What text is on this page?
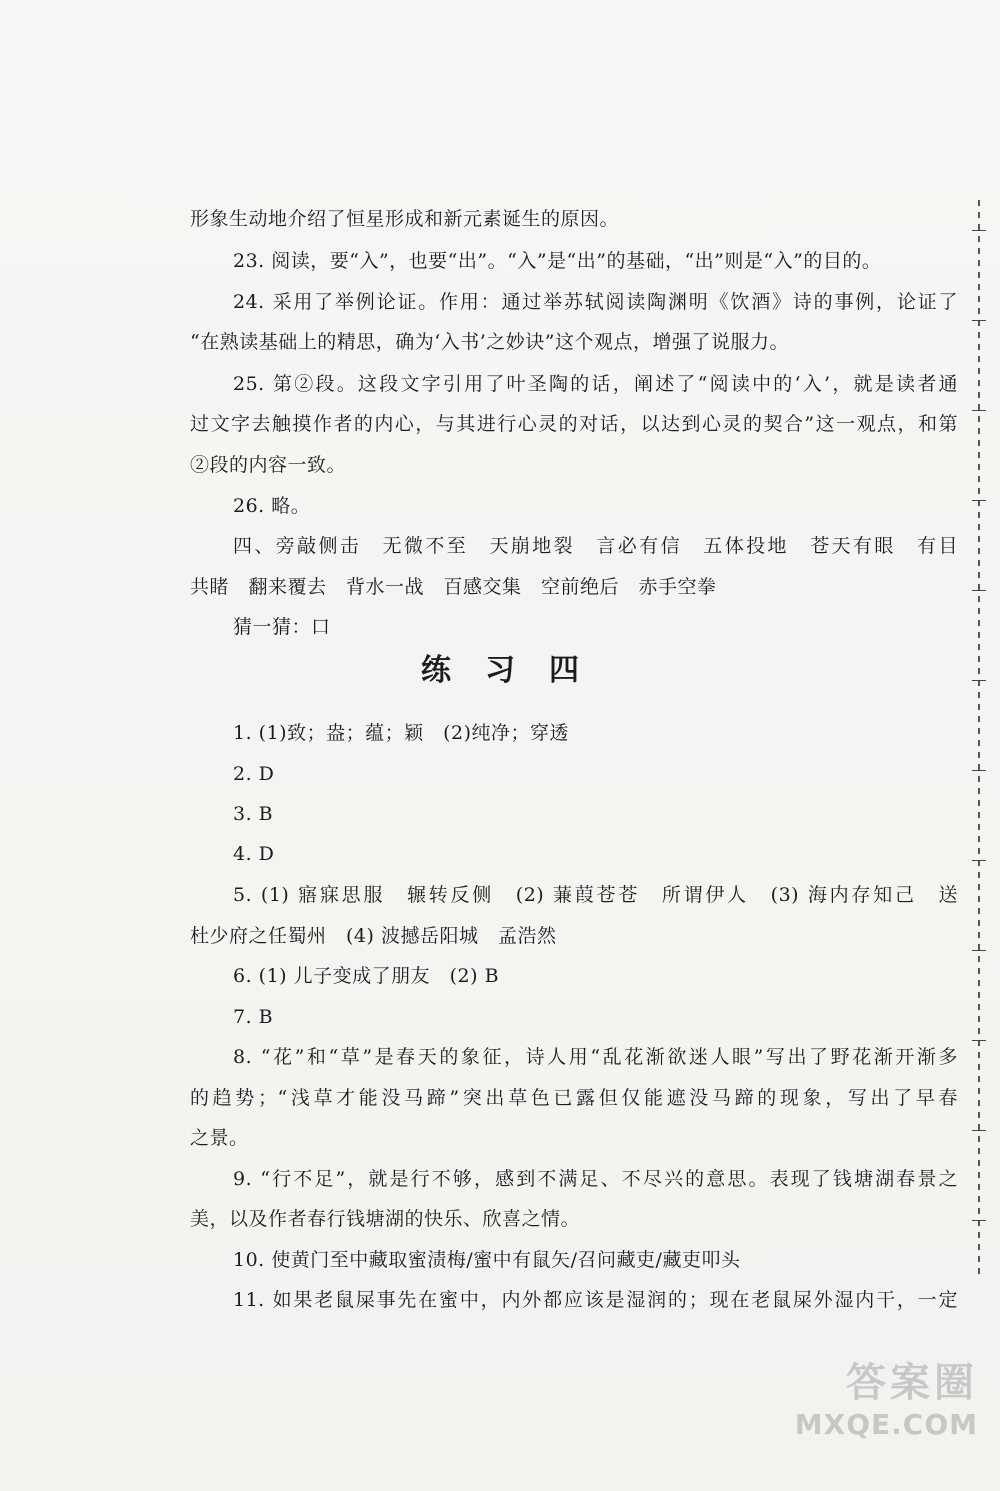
形象生动地介绍了恒星形成和新元素诞生的原因。
23. 阅读，要“入”，也要“出”。“入”是“出”的基础，“出”则是“入”的目的。
24. 采用了举例论证。作用：通过举苏轼阅读陶渊明《饮酒》诗的事例，论证了
“在熟读基础上的精思，确为‘入书’之妙诀”这个观点，增强了说服力。
25. 第②段。这段文字引用了叶圣陶的话，阐述了“阅读中的‘入’，就是读者通
过文字去触摸作者的内心，与其进行心灵的对话，以达到心灵的契合”这一观点，和第
②段的内容一致。
26. 略。
四、旁敲侧击　无微不至　天崩地裂　言必有信　五体投地　苍天有眼　有目
共睹　翻来覆去　背水一战　百感交集　空前绝后　赤手空拳
猜一猜：口
练习四
1. (1)致；盎；蕴；颖　(2)纯净；穿透
2. D
3. B
4. D
5. (1) 寤寐思服　辗转反侧　(2) 蒹葭苍苍　所谓伊人　(3) 海内存知己　送
杜少府之任蜀州　(4) 波撼岳阳城　孟浩然
6. (1) 儿子变成了朋友　(2) B
7. B
8. “花”和“草”是春天的象征，诗人用“乱花渐欲迷人眼”写出了野花渐开渐多
的趋势；“浅草才能没马蹄”突出草色已露但仅能遮没马蹄的现象，写出了早春
之景。
9. “行不足”，就是行不够，感到不满足、不尽兴的意思。表现了钱塘湖春景之
美，以及作者春行钱塘湖的快乐、欣喜之情。
10. 使黄门至中藏取蜜渍梅/蜜中有鼠矢/召问藏吏/藏吏叩头
11. 如果老鼠屎事先在蜜中，内外都应该是湿润的；现在老鼠屎外湿内干，一定
答案圈
MXQE.COM
